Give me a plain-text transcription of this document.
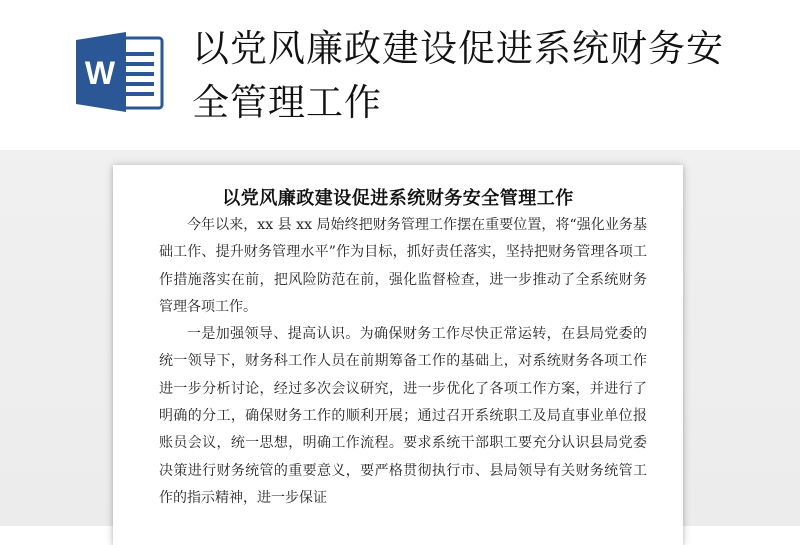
W
以党风廉政建设促进系统财务安
全管理工作
以党风廉政建设促进系统财务安全管理工作

今年以来，xx 县 xx 局始终把财务管理工作摆在重要位置，将“强化业务基础工作、提升财务管理水平”作为目标，抓好责任落实，坚持把财务管理各项工作措施落实在前，把风险防范在前，强化监督检查，进一步推动了全系统财务管理各项工作。

一是加强领导、提高认识。为确保财务工作尽快正常运转，在县局党委的统一领导下，财务科工作人员在前期筹备工作的基础上，对系统财务各项工作进一步分析讨论，经过多次会议研究，进一步优化了各项工作方案，并进行了明确的分工，确保财务工作的顺利开展；通过召开系统职工及局直事业单位报账员会议，统一思想，明确工作流程。要求系统干部职工要充分认识县局党委决策进行财务统管的重要意义，要严格贯彻执行市、县局领导有关财务统管工作的指示精神，进一步保证
